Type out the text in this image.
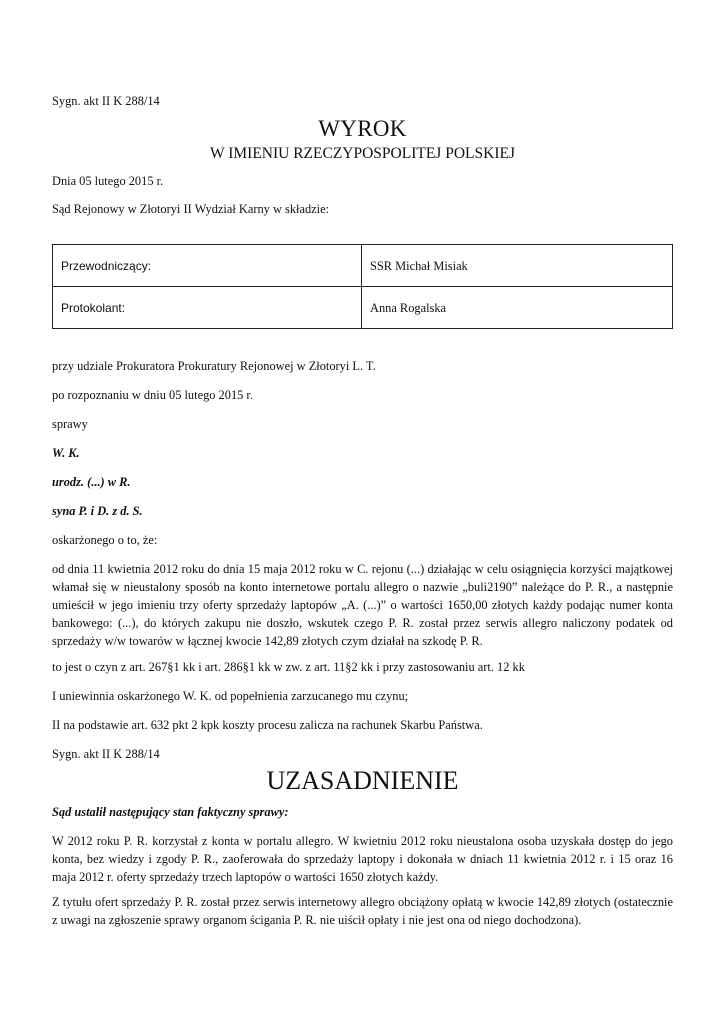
Sygn. akt II K 288/14

WYROK

W IMIENIU RZECZYPOSPOLITEJ POLSKIEJ

Dnia 05 lutego 2015 r.

Sąd Rejonowy w Złotoryi II Wydział Karny w składzie:

Przewodniczący:	SSR Michał Misiak
Protokolant:	Anna Rogalska

przy udziale Prokuratora Prokuratury Rejonowej w Złotoryi L. T.

po rozpoznaniu w dniu 05 lutego 2015 r.

sprawy

W. K.

urodz. (...) w R.

syna P. i D. z d. S.

oskarżonego o to, że:

od dnia 11 kwietnia 2012 roku do dnia 15 maja 2012 roku w C. rejonu (...) działając w celu osiągnięcia korzyści majątkowej włamał się w nieustalony sposób na konto internetowe portalu allegro o nazwie „buli2190” należące do P. R., a następnie umieścił w jego imieniu trzy oferty sprzedaży laptopów „A. (...)” o wartości 1650,00 złotych każdy podając numer konta bankowego: (...), do których zakupu nie doszło, wskutek czego P. R. został przez serwis allegro naliczony podatek od sprzedaży w/w towarów w łącznej kwocie 142,89 złotych czym działał na szkodę P. R.

to jest o czyn z art. 267§1 kk i art. 286§1 kk w zw. z art. 11§2 kk i przy zastosowaniu art. 12 kk

I uniewinnia oskarżonego W. K. od popełnienia zarzucanego mu czynu;

II na podstawie art. 632 pkt 2 kpk koszty procesu zalicza na rachunek Skarbu Państwa.

Sygn. akt II K 288/14

UZASADNIENIE

Sąd ustalił następujący stan faktyczny sprawy:

W 2012 roku P. R. korzystał z konta w portalu allegro. W kwietniu 2012 roku nieustalona osoba uzyskała dostęp do jego konta, bez wiedzy i zgody P. R., zaoferowała do sprzedaży laptopy i dokonała w dniach 11 kwietnia 2012 r. i 15 oraz 16 maja 2012 r. oferty sprzedaży trzech laptopów o wartości 1650 złotych każdy.

Z tytułu ofert sprzedaży P. R. został przez serwis internetowy allegro obciążony opłatą w kwocie 142,89 złotych (ostatecznie z uwagi na zgłoszenie sprawy organom ścigania P. R. nie uiścił opłaty i nie jest ona od niego dochodzona).
